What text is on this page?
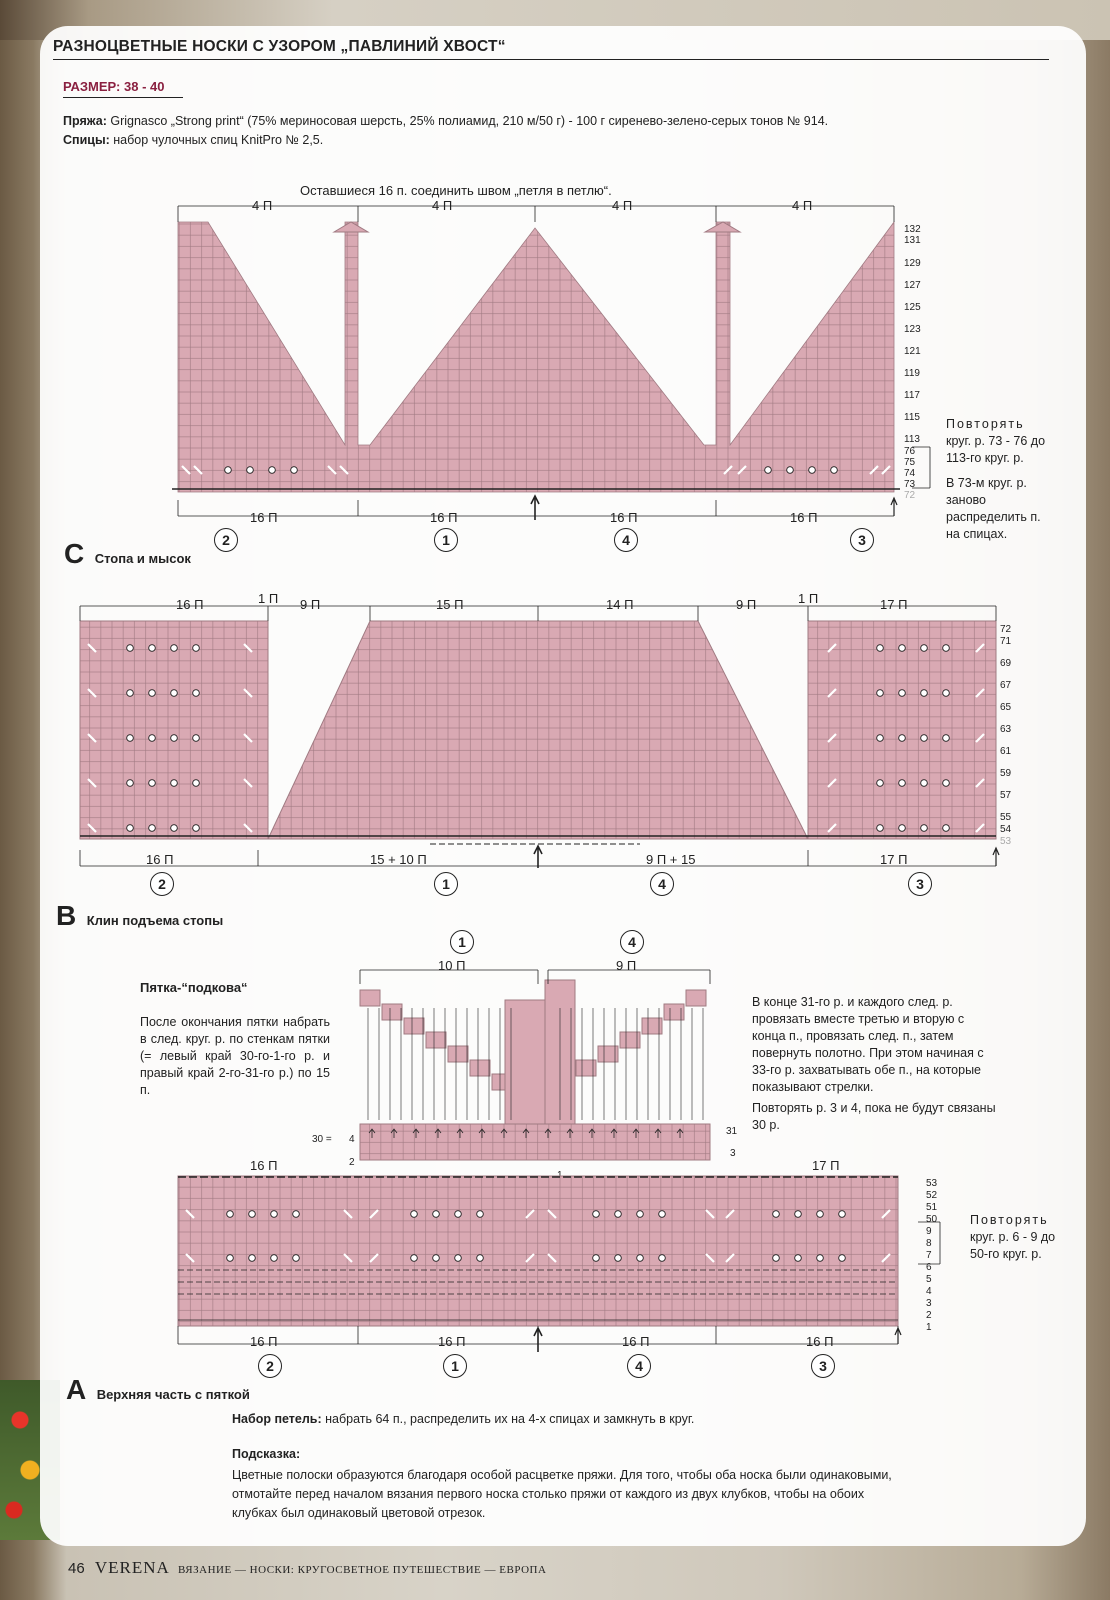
РАЗНОЦВЕТНЫЕ НОСКИ С УЗОРОМ „ПАВЛИНИЙ ХВОСТ“
РАЗМЕР: 38 - 40
Пряжа: Grignasco „Strong print“ (75% мериносовая шерсть, 25% полиамид, 210 м/50 г) - 100 г сиренево-зелено-серых тонов № 914.
Спицы: набор чулочных спиц KnitPro № 2,5.
Оставшиеся 16 п. соединить швом „петля в петлю“.
4 П	4 П	4 П	4 П
16 П	16 П	16 П	16 П
2	1	4	3
132
131
129
127
125
123
121
119
117
115
113
76
75
74
73
72
Повторять
круг. р. 73 - 76 до 113-го круг. р.
В 73-м круг. р. заново распределить п. на спицах.
C Стопа и мысок
16 П	1 П 9 П	15 П	14 П	9 П	1 П	17 П
16 П	15 + 10 П	9 П + 15	17 П
2	1	4	3
72
71
69
67
65
63
61
59
57
55
54
53
B Клин подъема стопы
1	4
10 П	9 П
Пятка-“подкова“
После окончания пятки набрать в след. круг. р. по стенкам пятки (= левый край 30-го-1-го р. и правый край 2-го-31-го р.) по 15 п.
В конце 31-го р. и каждого след. р. провязать вместе третью и вторую с конца п., провязать след. п., затем повернуть полотно. При этом начиная с 33-го р. захватывать обе п., на которые показывают стрелки.
Повторять р. 3 и 4, пока не будут связаны 30 р.
30 = 4
2
31
3
16 П	17 П
16 П	16 П	16 П	16 П
2	1	4	3
53
52
51
50
9
8
7
6
5
4
3
2
1
Повторять
круг. р. 6 - 9 до 50-го круг. р.
A Верхняя часть с пяткой
Набор петель: набрать 64 п., распределить их на 4-х спицах и замкнуть в круг.
Подсказка:
Цветные полоски образуются благодаря особой расцветке пряжи. Для того, чтобы оба носка были одинаковыми, отмотайте перед началом вязания первого носка столько пряжи от каждого из двух клубков, чтобы на обоих клубках был одинаковый цветовой отрезок.
46 VERENA ВЯЗАНИЕ — НОСКИ: КРУГОСВЕТНОЕ ПУТЕШЕСТВИЕ — ЕВРОПА
